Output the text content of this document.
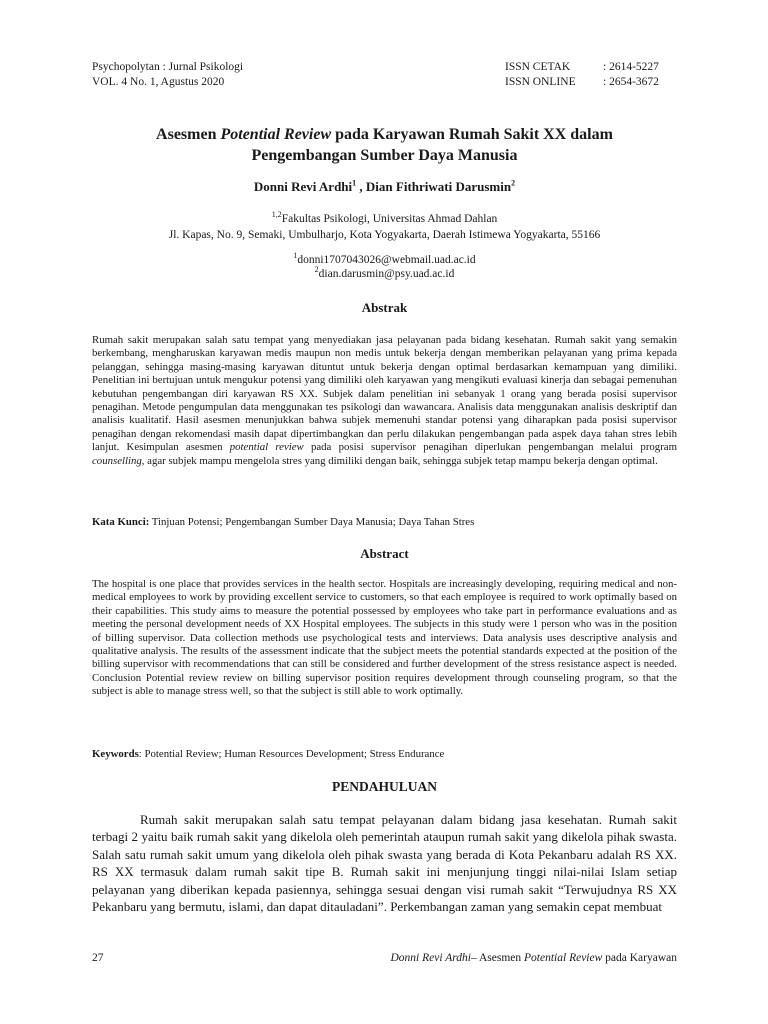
Psychopolytan : Jurnal Psikologi
VOL. 4 No. 1, Agustus 2020
ISSN CETAK	: 2614-5227
ISSN ONLINE	: 2654-3672
Asesmen Potential Review pada Karyawan Rumah Sakit XX dalam
Pengembangan Sumber Daya Manusia
Donni Revi Ardhi$^1$ , Dian Fithriwati Darusmin$^2$
$^{1,2}$Fakultas Psikologi, Universitas Ahmad Dahlan
Jl. Kapas, No. 9, Semaki, Umbulharjo, Kota Yogyakarta, Daerah Istimewa Yogyakarta, 55166
$^1$donni1707043026@webmail.uad.ac.id
$^2$dian.darusmin@psy.uad.ac.id
Abstrak
Rumah sakit merupakan salah satu tempat yang menyediakan jasa pelayanan pada bidang kesehatan. Rumah sakit yang semakin berkembang, mengharuskan karyawan medis maupun non medis untuk bekerja dengan memberikan pelayanan yang prima kepada pelanggan, sehingga masing-masing karyawan dituntut untuk bekerja dengan optimal berdasarkan kemampuan yang dimiliki. Penelitian ini bertujuan untuk mengukur potensi yang dimiliki oleh karyawan yang mengikuti evaluasi kinerja dan sebagai pemenuhan kebutuhan pengembangan diri karyawan RS XX. Subjek dalam penelitian ini sebanyak 1 orang yang berada posisi supervisor penagihan. Metode pengumpulan data menggunakan tes psikologi dan wawancara. Analisis data menggunakan analisis deskriptif dan analisis kualitatif. Hasil asesmen menunjukkan bahwa subjek memenuhi standar potensi yang diharapkan pada posisi supervisor penagihan dengan rekomendasi masih dapat dipertimbangkan dan perlu dilakukan pengembangan pada aspek daya tahan stres lebih lanjut. Kesimpulan asesmen potential review pada posisi supervisor penagihan diperlukan pengembangan melalui program counselling, agar subjek mampu mengelola stres yang dimiliki dengan baik, sehingga subjek tetap mampu bekerja dengan optimal.
Kata Kunci: Tinjuan Potensi; Pengembangan Sumber Daya Manusia; Daya Tahan Stres
Abstract
The hospital is one place that provides services in the health sector. Hospitals are increasingly developing, requiring medical and non-medical employees to work by providing excellent service to customers, so that each employee is required to work optimally based on their capabilities. This study aims to measure the potential possessed by employees who take part in performance evaluations and as meeting the personal development needs of XX Hospital employees. The subjects in this study were 1 person who was in the position of billing supervisor. Data collection methods use psychological tests and interviews. Data analysis uses descriptive analysis and qualitative analysis. The results of the assessment indicate that the subject meets the potential standards expected at the position of the billing supervisor with recommendations that can still be considered and further development of the stress resistance aspect is needed. Conclusion Potential review review on billing supervisor position requires development through counseling program, so that the subject is able to manage stress well, so that the subject is still able to work optimally.
Keywords: Potential Review; Human Resources Development; Stress Endurance
PENDAHULUAN
Rumah sakit merupakan salah satu tempat pelayanan dalam bidang jasa kesehatan. Rumah sakit terbagi 2 yaitu baik rumah sakit yang dikelola oleh pemerintah ataupun rumah sakit yang dikelola pihak swasta. Salah satu rumah sakit umum yang dikelola oleh pihak swasta yang berada di Kota Pekanbaru adalah RS XX. RS XX termasuk dalam rumah sakit tipe B. Rumah sakit ini menjunjung tinggi nilai-nilai Islam setiap pelayanan yang diberikan kepada pasiennya, sehingga sesuai dengan visi rumah sakit “Terwujudnya RS XX Pekanbaru yang bermutu, islami, dan dapat ditauladani”. Perkembangan zaman yang semakin cepat membuat
27	Donni Revi Ardhi– Asesmen Potential Review pada Karyawan
